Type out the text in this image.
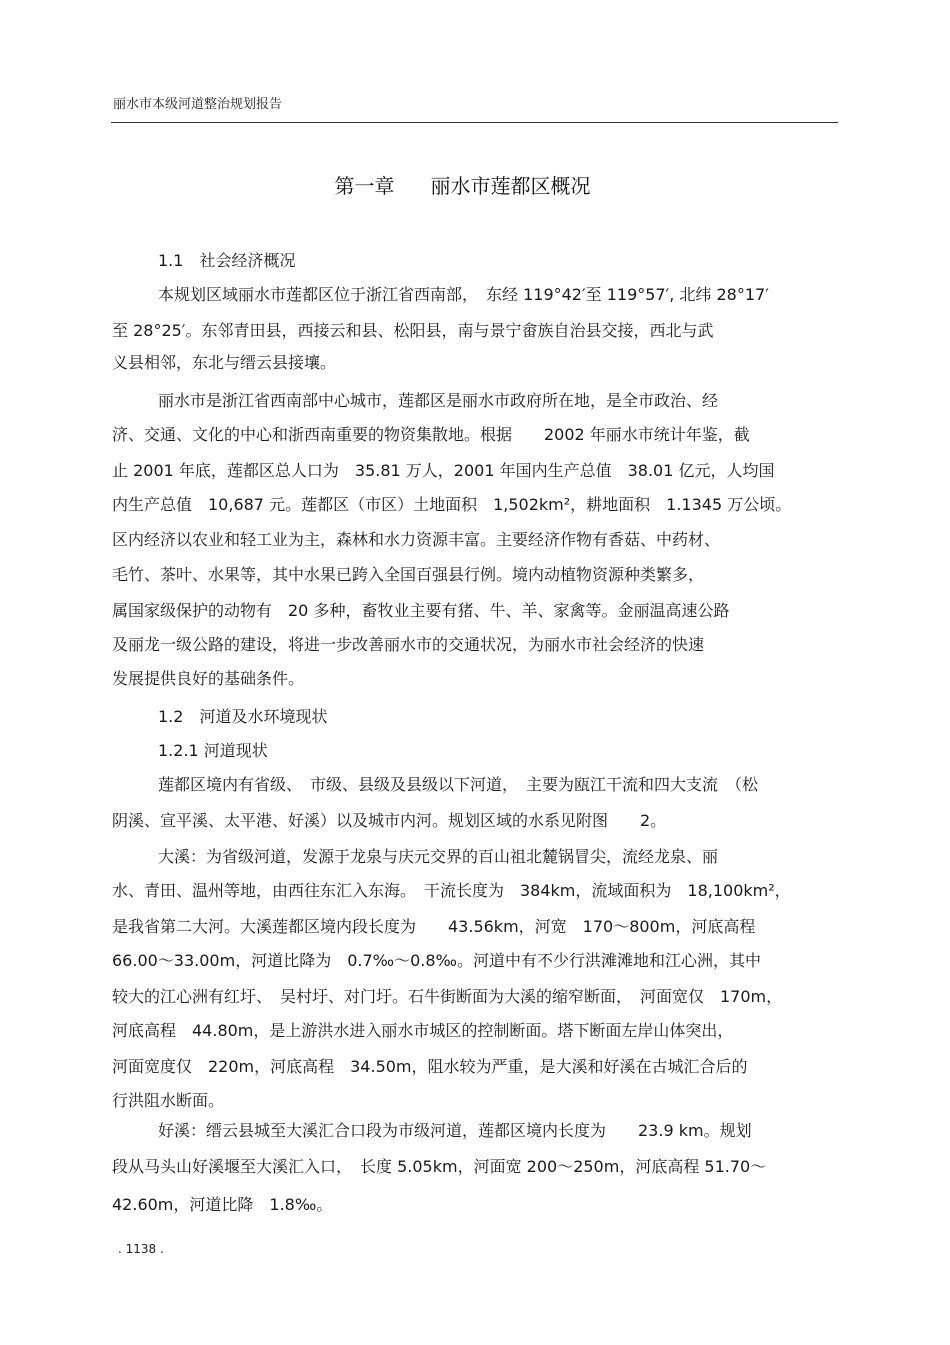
丽水市本级河道整治规划报告
第一章 丽水市莲都区概况
1.1　社会经济概况
本规划区域丽水市莲都区位于浙江省西南部，　东经 119°42′至 119°57′, 北纬 28°17′
至 28°25′。东邻青田县，西接云和县、松阳县，南与景宁畲族自治县交接，西北与武
义县相邻，东北与缙云县接壤。
丽水市是浙江省西南部中心城市，莲都区是丽水市政府所在地，是全市政治、经
济、交通、文化的中心和浙西南重要的物资集散地。根据　　2002 年丽水市统计年鉴，截
止 2001 年底，莲都区总人口为　35.81 万人，2001 年国内生产总值　38.01 亿元，人均国
内生产总值　10,687 元。莲都区（市区）土地面积　1,502km²，耕地面积　1.1345 万公顷。
区内经济以农业和轻工业为主，森林和水力资源丰富。主要经济作物有香菇、中药材、
毛竹、茶叶、水果等，其中水果已跨入全国百强县行例。境内动植物资源种类繁多，
属国家级保护的动物有　20 多种，畜牧业主要有猪、牛、羊、家禽等。金丽温高速公路
及丽龙一级公路的建设，将进一步改善丽水市的交通状况，为丽水市社会经济的快速
发展提供良好的基础条件。
1.2　河道及水环境现状
1.2.1 河道现状
莲都区境内有省级、　市级、县级及县级以下河道，　主要为瓯江干流和四大支流　（松
阴溪、宣平溪、太平港、好溪）以及城市内河。规划区域的水系见附图　　2。
大溪：为省级河道，发源于龙泉与庆元交界的百山祖北麓锅冒尖，流经龙泉、丽
水、青田、温州等地，由西往东汇入东海。　干流长度为　384km，流域面积为　18,100km²，
是我省第二大河。大溪莲都区境内段长度为　　43.56km，河宽　170～800m，河底高程
66.00～33.00m，河道比降为　0.7‰～0.8‰。河道中有不少行洪滩滩地和江心洲，其中
较大的江心洲有红圩、　吴村圩、对门圩。石牛街断面为大溪的缩窄断面，　河面宽仅　170m，
河底高程　44.80m，是上游洪水进入丽水市城区的控制断面。塔下断面左岸山体突出，
河面宽度仅　220m，河底高程　34.50m，阻水较为严重，是大溪和好溪在古城汇合后的
行洪阻水断面。
好溪：缙云县城至大溪汇合口段为市级河道，莲都区境内长度为　　23.9 km。规划
段从马头山好溪堰至大溪汇入口，　长度 5.05km，河面宽 200～250m，河底高程 51.70～
42.60m，河道比降　1.8‰。
. 1138 .
